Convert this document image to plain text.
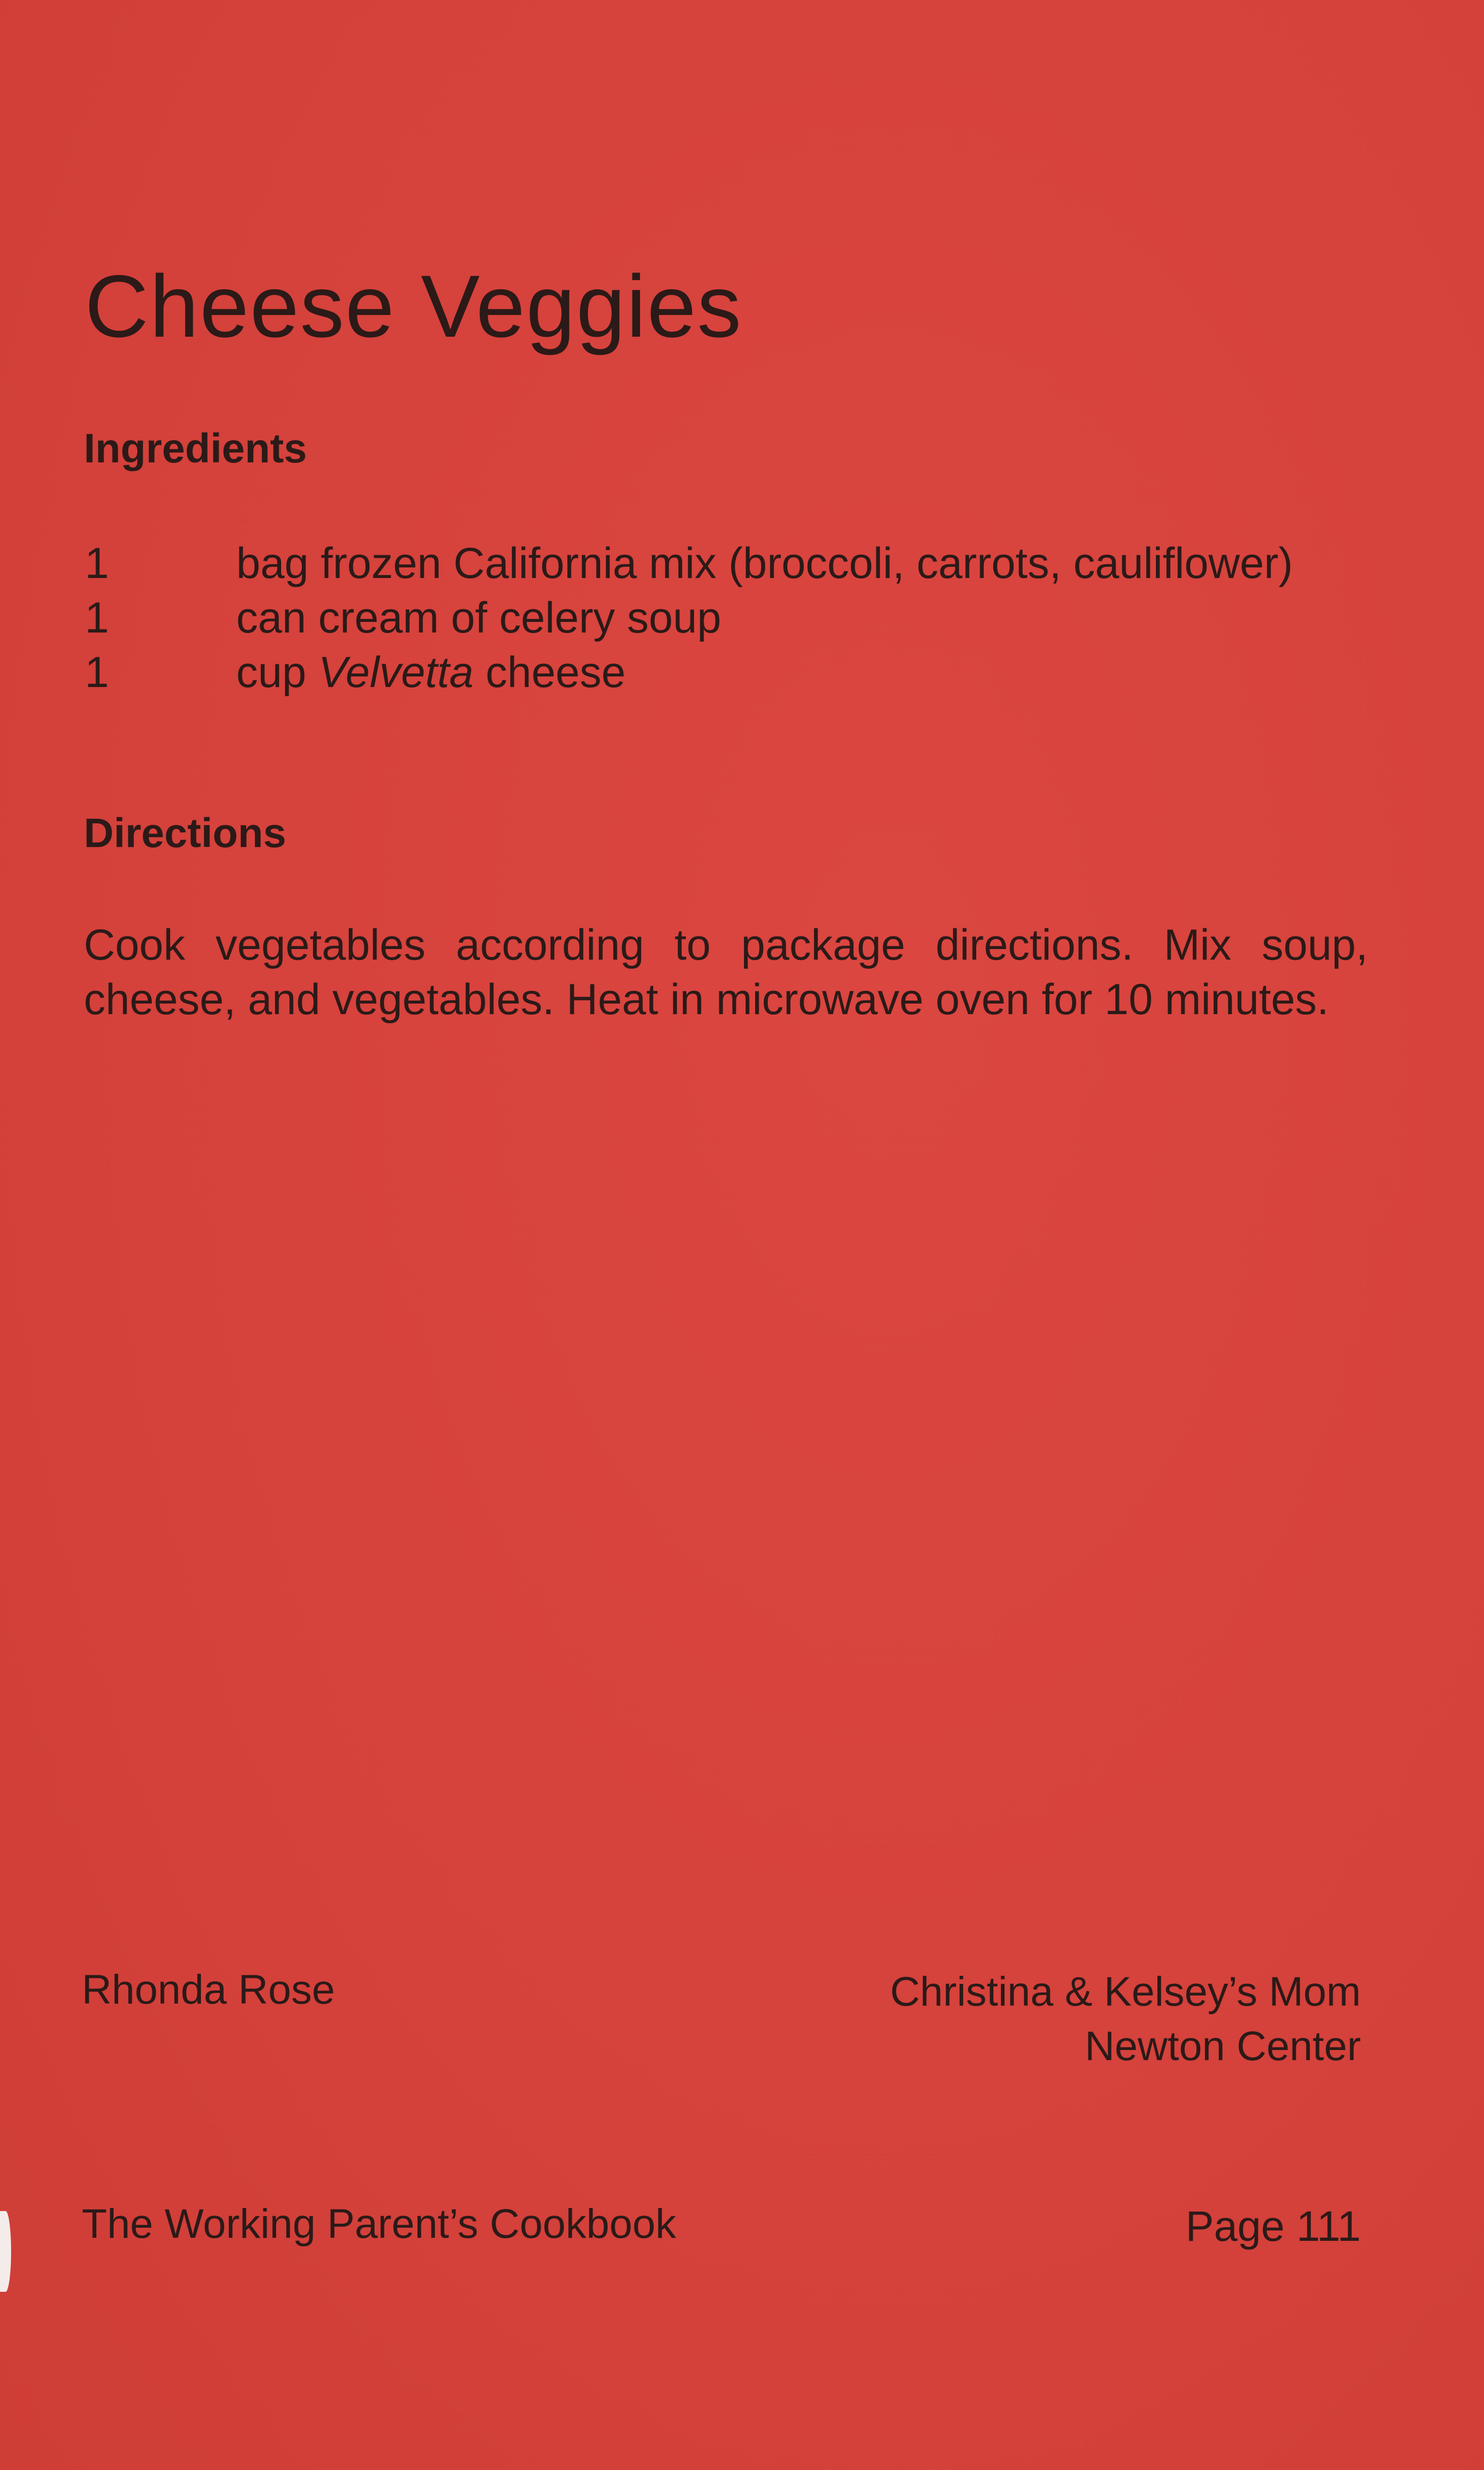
Cheese Veggies
Ingredients
1	bag frozen California mix (broccoli, carrots, cauliflower)
1	can cream of celery soup
1	cup Velvetta cheese
Directions

Cook vegetables according to package directions. Mix soup, cheese, and vegetables. Heat in microwave oven for 10 minutes.

Rhonda Rose	Christina & Kelsey’s Mom
Newton Center

The Working Parent’s Cookbook	Page 111
